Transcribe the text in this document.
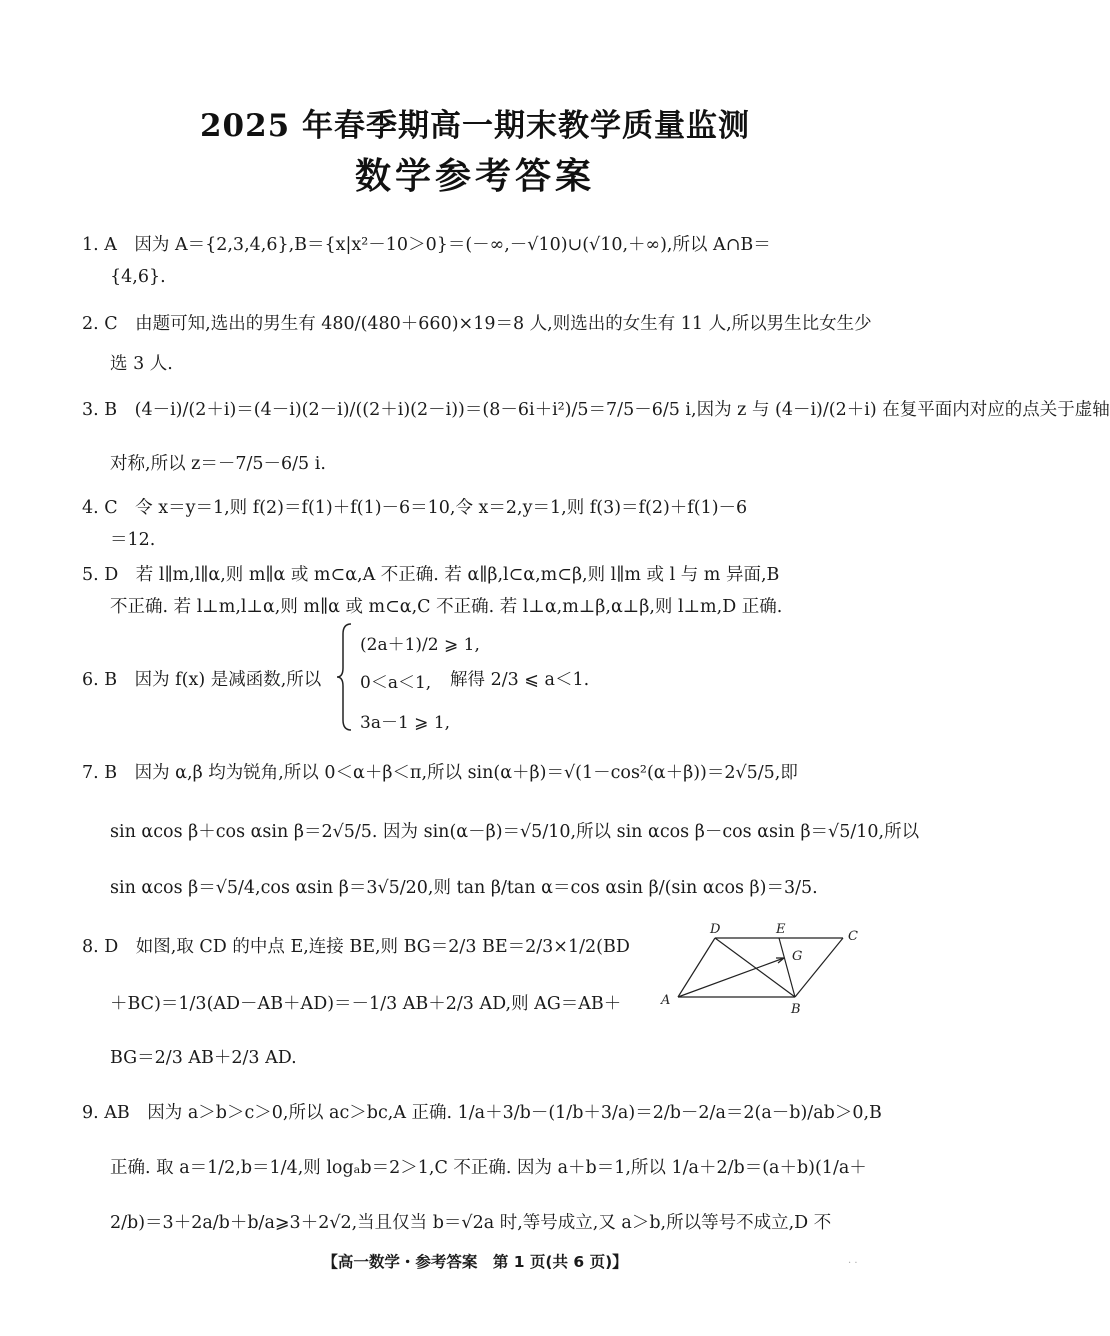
2025 年春季期高一期末教学质量监测
数学参考答案
1. A　因为 A＝{2,3,4,6},B＝{x|x²－10＞0}＝(－∞,－√10)∪(√10,＋∞),所以 A∩B＝
{4,6}.
2. C　由题可知,选出的男生有 480/(480＋660)×19＝8 人,则选出的女生有 11 人,所以男生比女生少
选 3 人.
3. B　(4－i)/(2＋i)＝(4－i)(2－i)/((2＋i)(2－i))＝(8－6i＋i²)/5＝7/5－6/5 i,因为 z 与 (4－i)/(2＋i) 在复平面内对应的点关于虚轴
对称,所以 z＝－7/5－6/5 i.
4. C　令 x＝y＝1,则 f(2)＝f(1)＋f(1)－6＝10,令 x＝2,y＝1,则 f(3)＝f(2)＋f(1)－6
＝12.
5. D　若 l∥m,l∥α,则 m∥α 或 m⊂α,A 不正确. 若 α∥β,l⊂α,m⊂β,则 l∥m 或 l 与 m 异面,B
不正确. 若 l⊥m,l⊥α,则 m∥α 或 m⊂α,C 不正确. 若 l⊥α,m⊥β,α⊥β,则 l⊥m,D 正确.
6. B　因为 f(x) 是减函数,所以
(2a＋1)/2 ⩾ 1,
0＜a＜1,
3a－1 ⩾ 1,
解得 2/3 ⩽ a＜1.
7. B　因为 α,β 均为锐角,所以 0＜α＋β＜π,所以 sin(α＋β)＝√(1－cos²(α＋β))＝2√5/5,即
sin αcos β＋cos αsin β＝2√5/5. 因为 sin(α－β)＝√5/10,所以 sin αcos β－cos αsin β＝√5/10,所以
sin αcos β＝√5/4,cos αsin β＝3√5/20,则 tan β/tan α＝cos αsin β/(sin αcos β)＝3/5.
8. D　如图,取 CD 的中点 E,连接 BE,则 BG＝2/3 BE＝2/3×1/2(BD
＋BC)＝1/3(AD－AB＋AD)＝－1/3 AB＋2/3 AD,则 AG＝AB＋
BG＝2/3 AB＋2/3 AD.
D	E	C
G
A
B
9. AB　因为 a＞b＞c＞0,所以 ac＞bc,A 正确. 1/a＋3/b－(1/b＋3/a)＝2/b－2/a＝2(a－b)/ab＞0,B
正确. 取 a＝1/2,b＝1/4,则 logₐb＝2＞1,C 不正确. 因为 a＋b＝1,所以 1/a＋2/b＝(a＋b)(1/a＋
2/b)＝3＋2a/b＋b/a⩾3＋2√2,当且仅当 b＝√2a 时,等号成立,又 a＞b,所以等号不成立,D 不
【高一数学・参考答案　第 1 页(共 6 页)】	· ·
